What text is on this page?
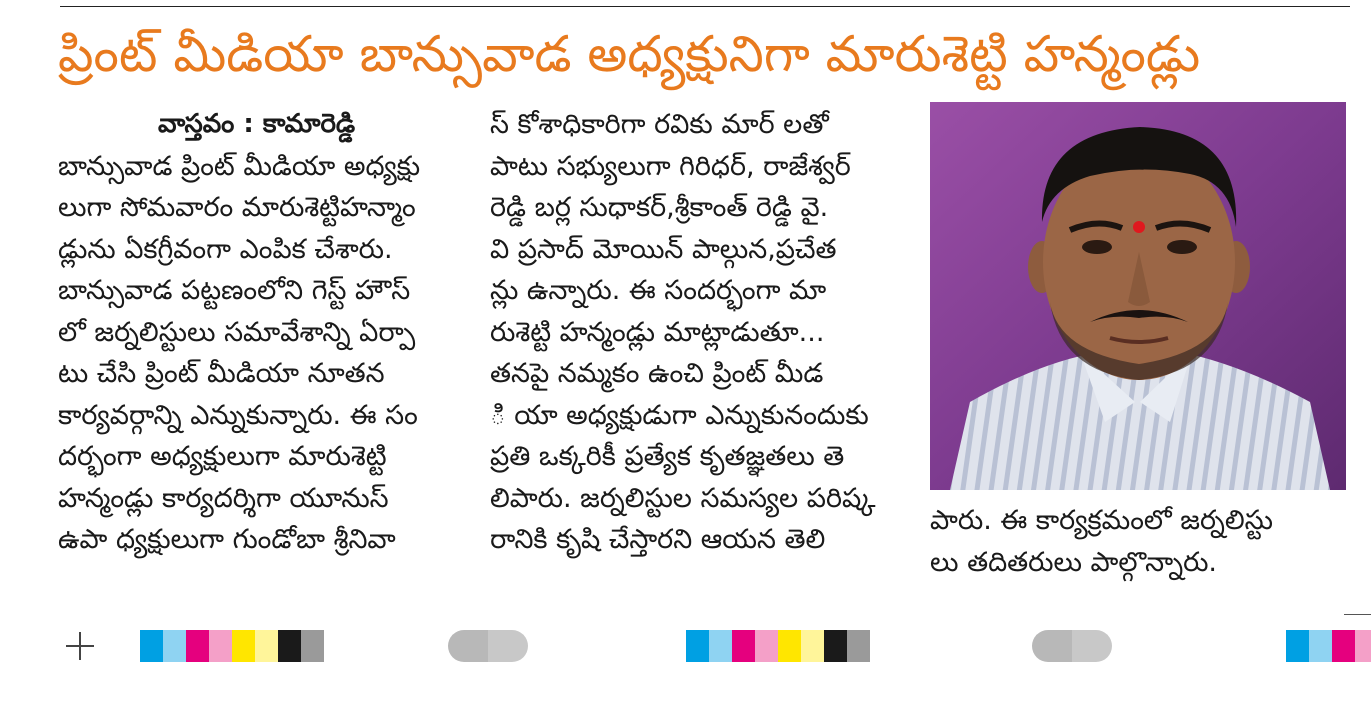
ప్రింట్ మీడియా బాన్సువాడ అధ్యక్షునిగా మారుశెట్టి హన్మండ్లు
వాస్తవం : కామారెడ్డి
బాన్సువాడ ప్రింట్ మీడియా అధ్యక్షు
లుగా సోమవారం మారుశెట్టిహన్మాం
డ్లును ఏకగ్రీవంగా ఎంపిక చేశారు.
బాన్సువాడ పట్టణంలోని గెస్ట్ హౌస్
లో జర్నలిస్టులు సమావేశాన్ని ఏర్పా
టు చేసి ప్రింట్ మీడియా నూతన
కార్యవర్గాన్ని ఎన్నుకున్నారు. ఈ సం
దర్భంగా అధ్యక్షులుగా మారుశెట్టి
హన్మండ్లు కార్యదర్శిగా యూనుస్
ఉపా ధ్యక్షులుగా గుండోబా శ్రీనివా
స్ కోశాధికారిగా రవికు మార్ లతో
పాటు సభ్యులుగా గిరిధర్, రాజేశ్వర్
రెడ్డి బర్ల సుధాకర్,శ్రీకాంత్ రెడ్డి వై.
వి ప్రసాద్ మోయిన్ పాల్గున,ప్రచేత
న్లు ఉన్నారు. ఈ సందర్భంగా మా
రుశెట్టి హన్మండ్లు మాట్లాడుతూ...
తనపై నమ్మకం ఉంచి ప్రింట్ మీడ
ి యా అధ్యక్షుడుగా ఎన్నుకునందుకు
ప్రతి ఒక్కరికీ ప్రత్యేక కృతజ్ఞతలు తె
లిపారు. జర్నలిస్టుల సమస్యల పరిష్క
రానికి కృషి చేస్తారని ఆయన తెలి
పారు. ఈ కార్యక్రమంలో జర్నలిస్టు
లు తదితరులు పాల్గొన్నారు.
